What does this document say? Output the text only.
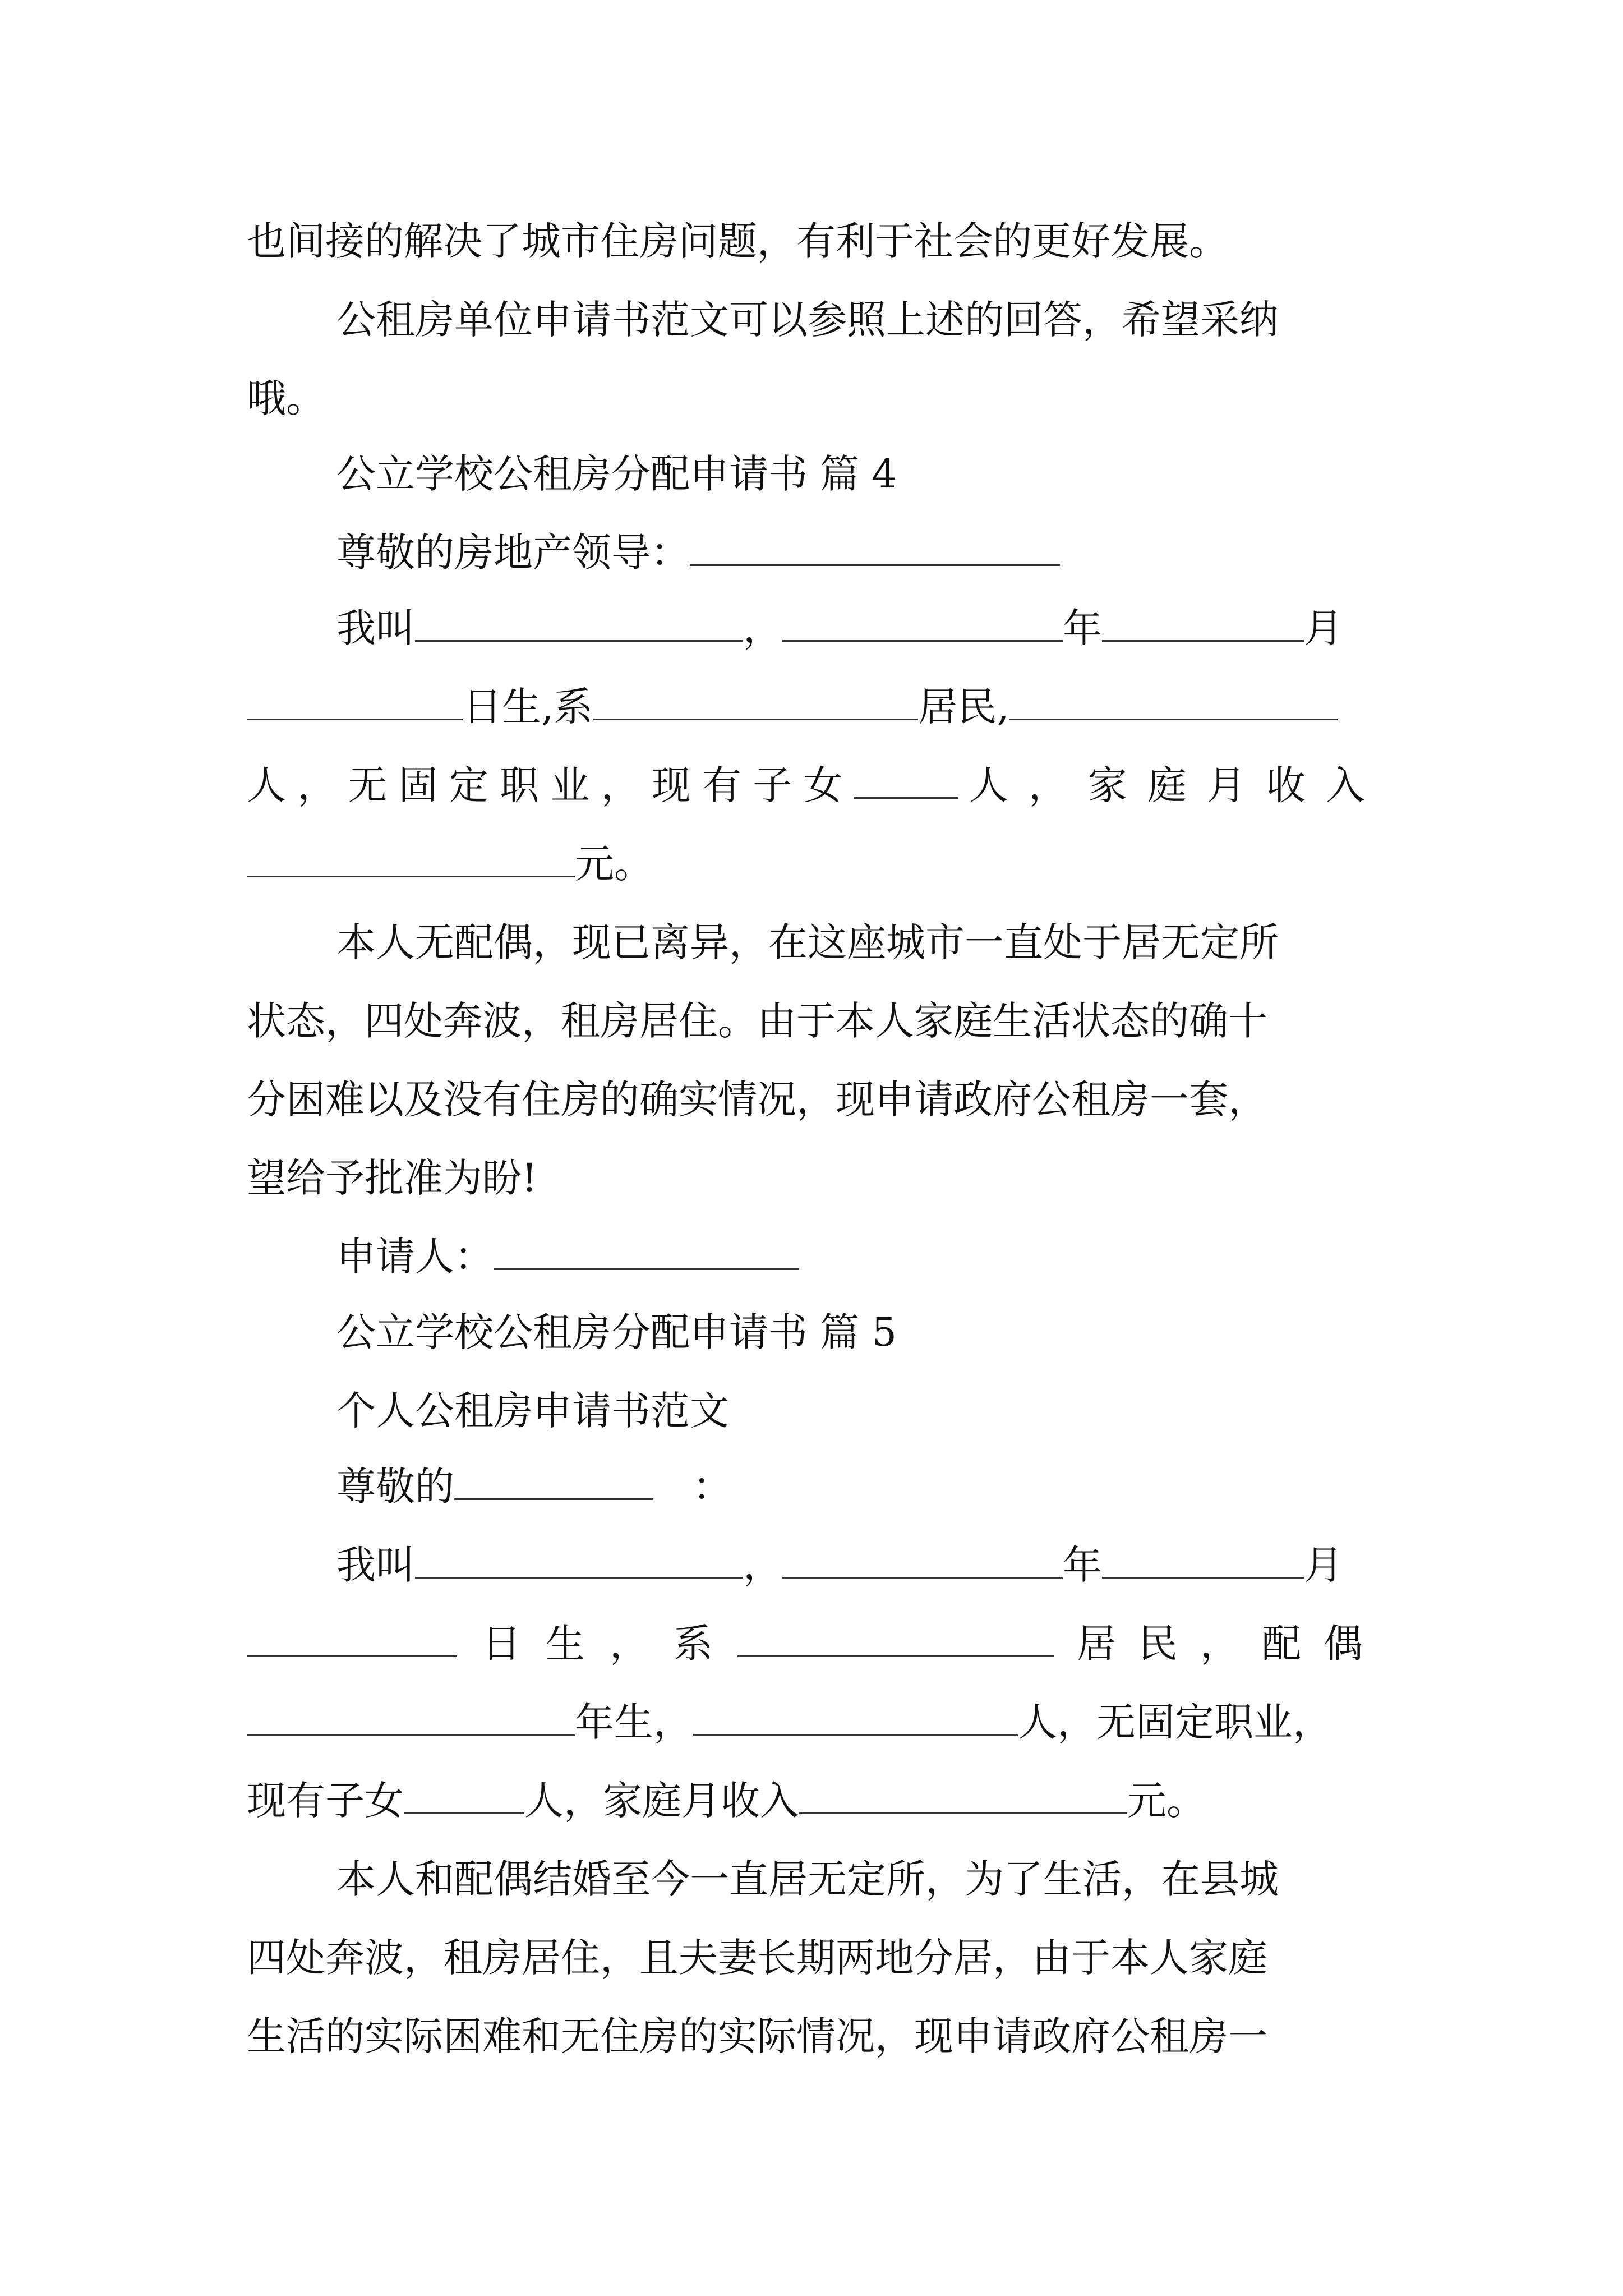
也间接的解决了城市住房问题，有利于社会的更好发展。
公租房单位申请书范文可以参照上述的回答，希望采纳
哦。
公立学校公租房分配申请书 篇 4
尊敬的房地产领导：
我叫	，	年	月
日生,系	居民,
人 ， 无 固 定 职 业 ， 现 有 子 女	人，家庭月收入
元。
本人无配偶，现已离异，在这座城市一直处于居无定所
状态，四处奔波，租房居住。由于本人家庭生活状态的确十
分困难以及没有住房的确实情况，现申请政府公租房一套，
望给予批准为盼!
申请人：
公立学校公租房分配申请书 篇 5
个人公租房申请书范文
尊敬的	：
我叫	，	年	月
日生，系	居民，配偶
年生，	人，无固定职业，
现有子女	人，家庭月收入	元。
本人和配偶结婚至今一直居无定所，为了生活，在县城
四处奔波，租房居住，且夫妻长期两地分居，由于本人家庭
生活的实际困难和无住房的实际情况，现申请政府公租房一
